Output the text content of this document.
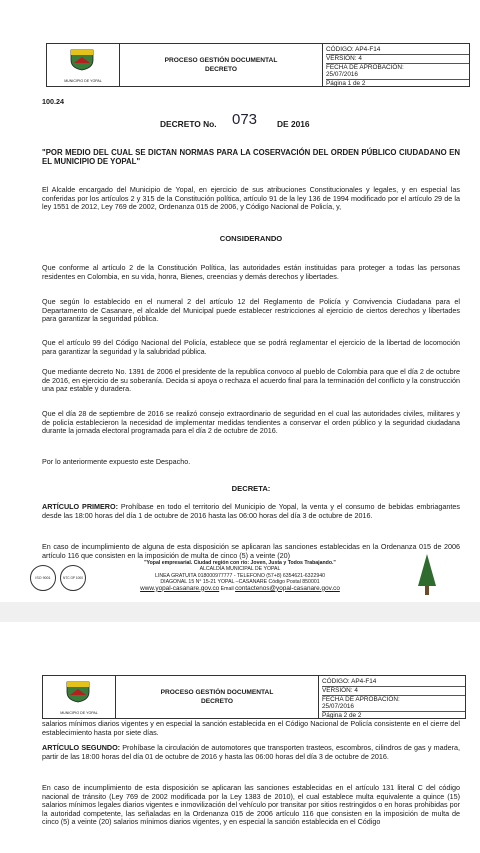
MUNICIPIO DE YOPAL
PROCESO GESTIÓN DOCUMENTAL
DECRETO
CÓDIGO: AP4-F14
VERSIÓN: 4
FECHA DE APROBACIÓN:
25/07/2016
Página 1 de 2
100.24
DECRETO No. 073 DE 2016
"POR MEDIO DEL CUAL SE DICTAN NORMAS PARA LA COSERVACIÓN DEL ORDEN PÚBLICO CIUDADANO EN EL MUNICIPIO DE YOPAL"
El Alcalde encargado del Municipio de Yopal, en ejercicio de sus atribuciones Constitucionales y legales, y en especial las conferidas por los artículos 2 y 315 de la Constitución política, artículo 91 de la ley 136 de 1994 modificado por el artículo 29 de la ley 1551 de 2012, Ley 769 de 2002, Ordenanza 015 de 2006, y Código Nacional de Policía, y,
CONSIDERANDO
Que conforme al artículo 2 de la Constitución Política, las autoridades están instituidas para proteger a todas las personas residentes en Colombia, en su vida, honra, Bienes, creencias y demás derechos y libertades.
Que según lo establecido en el numeral 2 del artículo 12 del Reglamento de Policía y Convivencia Ciudadana para el Departamento de Casanare, el alcalde del Municipal puede establecer restricciones al ejercicio de ciertos derechos y libertades para garantizar la seguridad pública.
Que el artículo 99 del Código Nacional del Policía, establece que se podrá reglamentar el ejercicio de la libertad de locomoción para garantizar la seguridad y la salubridad pública.
Que mediante decreto No. 1391 de 2006 el presidente de la republica convoco al pueblo de Colombia para que el día 2 de octubre de 2016, en ejercicio de su soberanía. Decida si apoya o rechaza el acuerdo final para la terminación del conflicto y la construcción una paz estable y duradera.
Que el día 28 de septiembre de 2016 se realizó consejo extraordinario de seguridad en el cual las autoridades civiles, militares y de policía establecieron la necesidad de implementar medidas tendientes a conservar el orden público y la seguridad ciudadana durante la jornada electoral programada para el día 2 de octubre de 2016.
Por lo anteriormente expuesto este Despacho.
DECRETA:
ARTÍCULO PRIMERO: Prohíbase en todo el territorio del Municipio de Yopal, la venta y el consumo de bebidas embriagantes desde las 18:00 horas del día 1 de octubre de 2016 hasta las 06:00 horas del día 3 de octubre de 2016.
En caso de incumplimiento de alguna de esta disposición se aplicaran las sanciones establecidas en la Ordenanza 015 de 2006 artículo 116 que consisten en la imposición de multa de cinco (5) a veinte (20)
ISO 9001	NTC GP 1000
"Yopal empresarial. Ciudad región con río: Joven, Justa y Todos Trabajando."
ALCALDÍA MUNICIPAL DE YOPAL
LINEA GRATUITA 018000977777 - TELEFONO (57+8) 6354621-6322940
DIAGONAL 15 N° 15-21 YOPAL –CASANARE Código Postal 850001
www.yopal-casanare.gov.co Email contactenos@yopal-casanare.gov.co
MUNICIPIO DE YOPAL
PROCESO GESTIÓN DOCUMENTAL
DECRETO
CÓDIGO: AP4-F14
VERSIÓN: 4
FECHA DE APROBACIÓN:
25/07/2016
Página 2 de 2
salarios mínimos diarios vigentes y en especial la sanción establecida en el Código Nacional de Policía consistente en el cierre del establecimiento hasta por siete días.
ARTÍCULO SEGUNDO: Prohíbase la circulación de automotores que transporten trasteos, escombros, cilindros de gas y madera, partir de las 18:00 horas del día 01 de octubre de 2016 y hasta las 06:00 horas del día 3 de octubre de 2016.
En caso de incumplimiento de esta disposición se aplicaran las sanciones establecidas en el artículo 131 literal C del código nacional de tránsito (Ley 769 de 2002 modificada por la Ley 1383 de 2010), el cual establece multa equivalente a quince (15) salarios mínimos legales diarios vigentes e inmovilización del vehículo por transitar por sitios restringidos o en horas prohibidas por la autoridad competente, las señaladas en la Ordenanza 015 de 2006 artículo 116 que consisten en la imposición de multa de cinco (5) a veinte (20) salarios mínimos diarios vigentes, y en especial la sanción establecida en el Código
